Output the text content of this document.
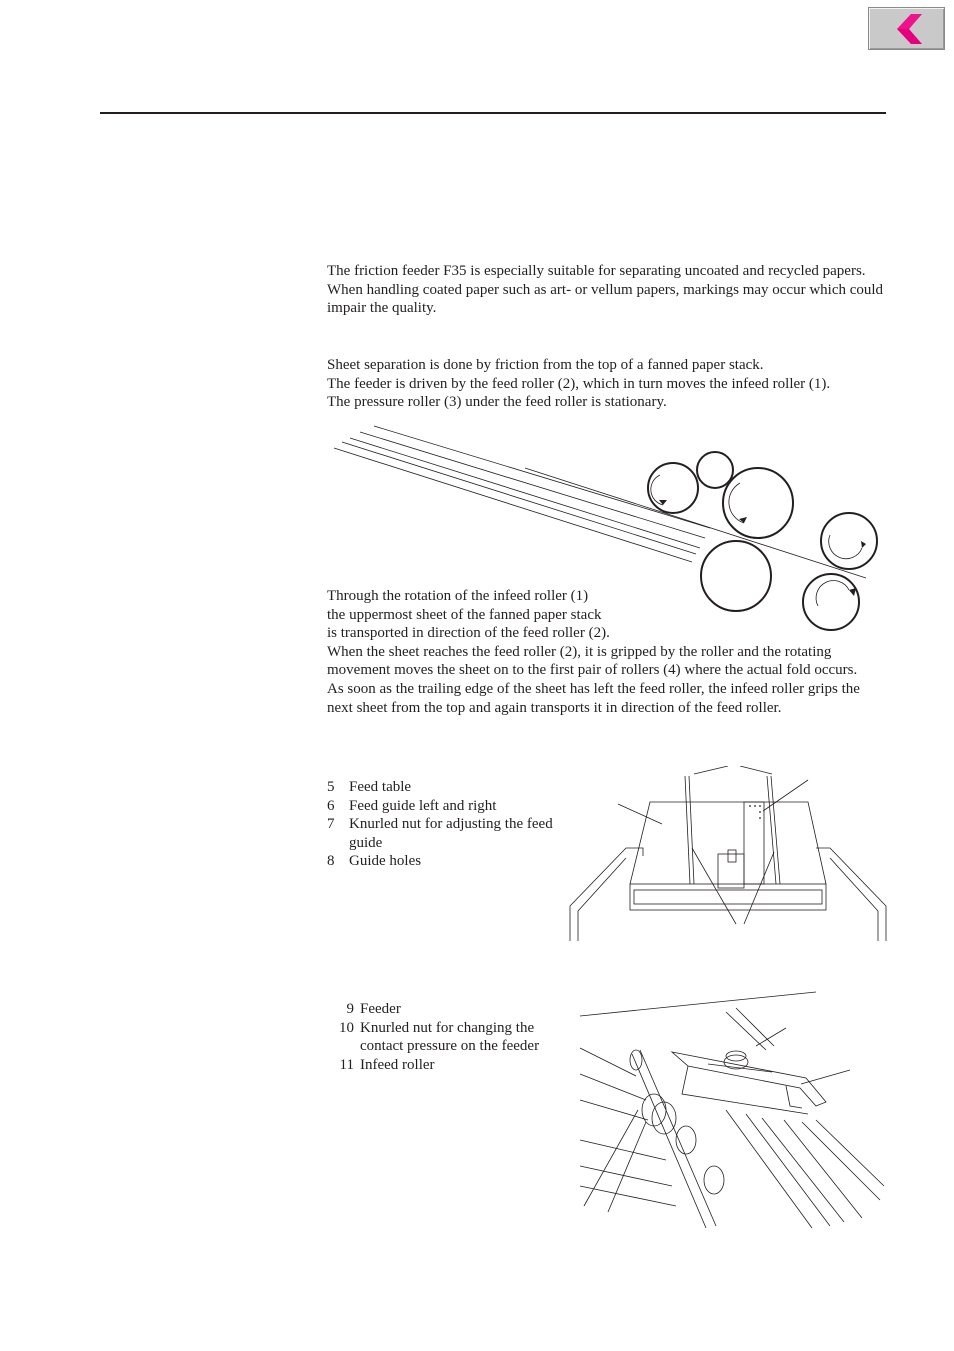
The friction feeder F35 is especially suitable for separating uncoated and recycled papers.
When handling coated paper such as art- or vellum papers, markings may occur which could impair the quality.
Sheet separation is done by friction from the top of a fanned paper stack.
The feeder is driven by the feed roller (2), which in turn moves the infeed roller (1).
The pressure roller (3) under the feed roller is stationary.
Through the rotation of the infeed roller (1)
the uppermost sheet of the fanned paper stack
is transported in direction of the feed roller (2).
When the sheet reaches the feed roller (2), it is gripped by the roller and the rotating movement moves the sheet on to the first pair of rollers (4) where the actual fold occurs.
As soon as the trailing edge of the sheet has left the feed roller, the infeed roller grips the next sheet from the top and again transports it in direction of the feed roller.
5 Feed table
6 Feed guide left and right
7 Knurled nut for adjusting the feed guide
8 Guide holes
9 Feeder
10 Knurled nut for changing the contact pressure on the feeder
11 Infeed roller
